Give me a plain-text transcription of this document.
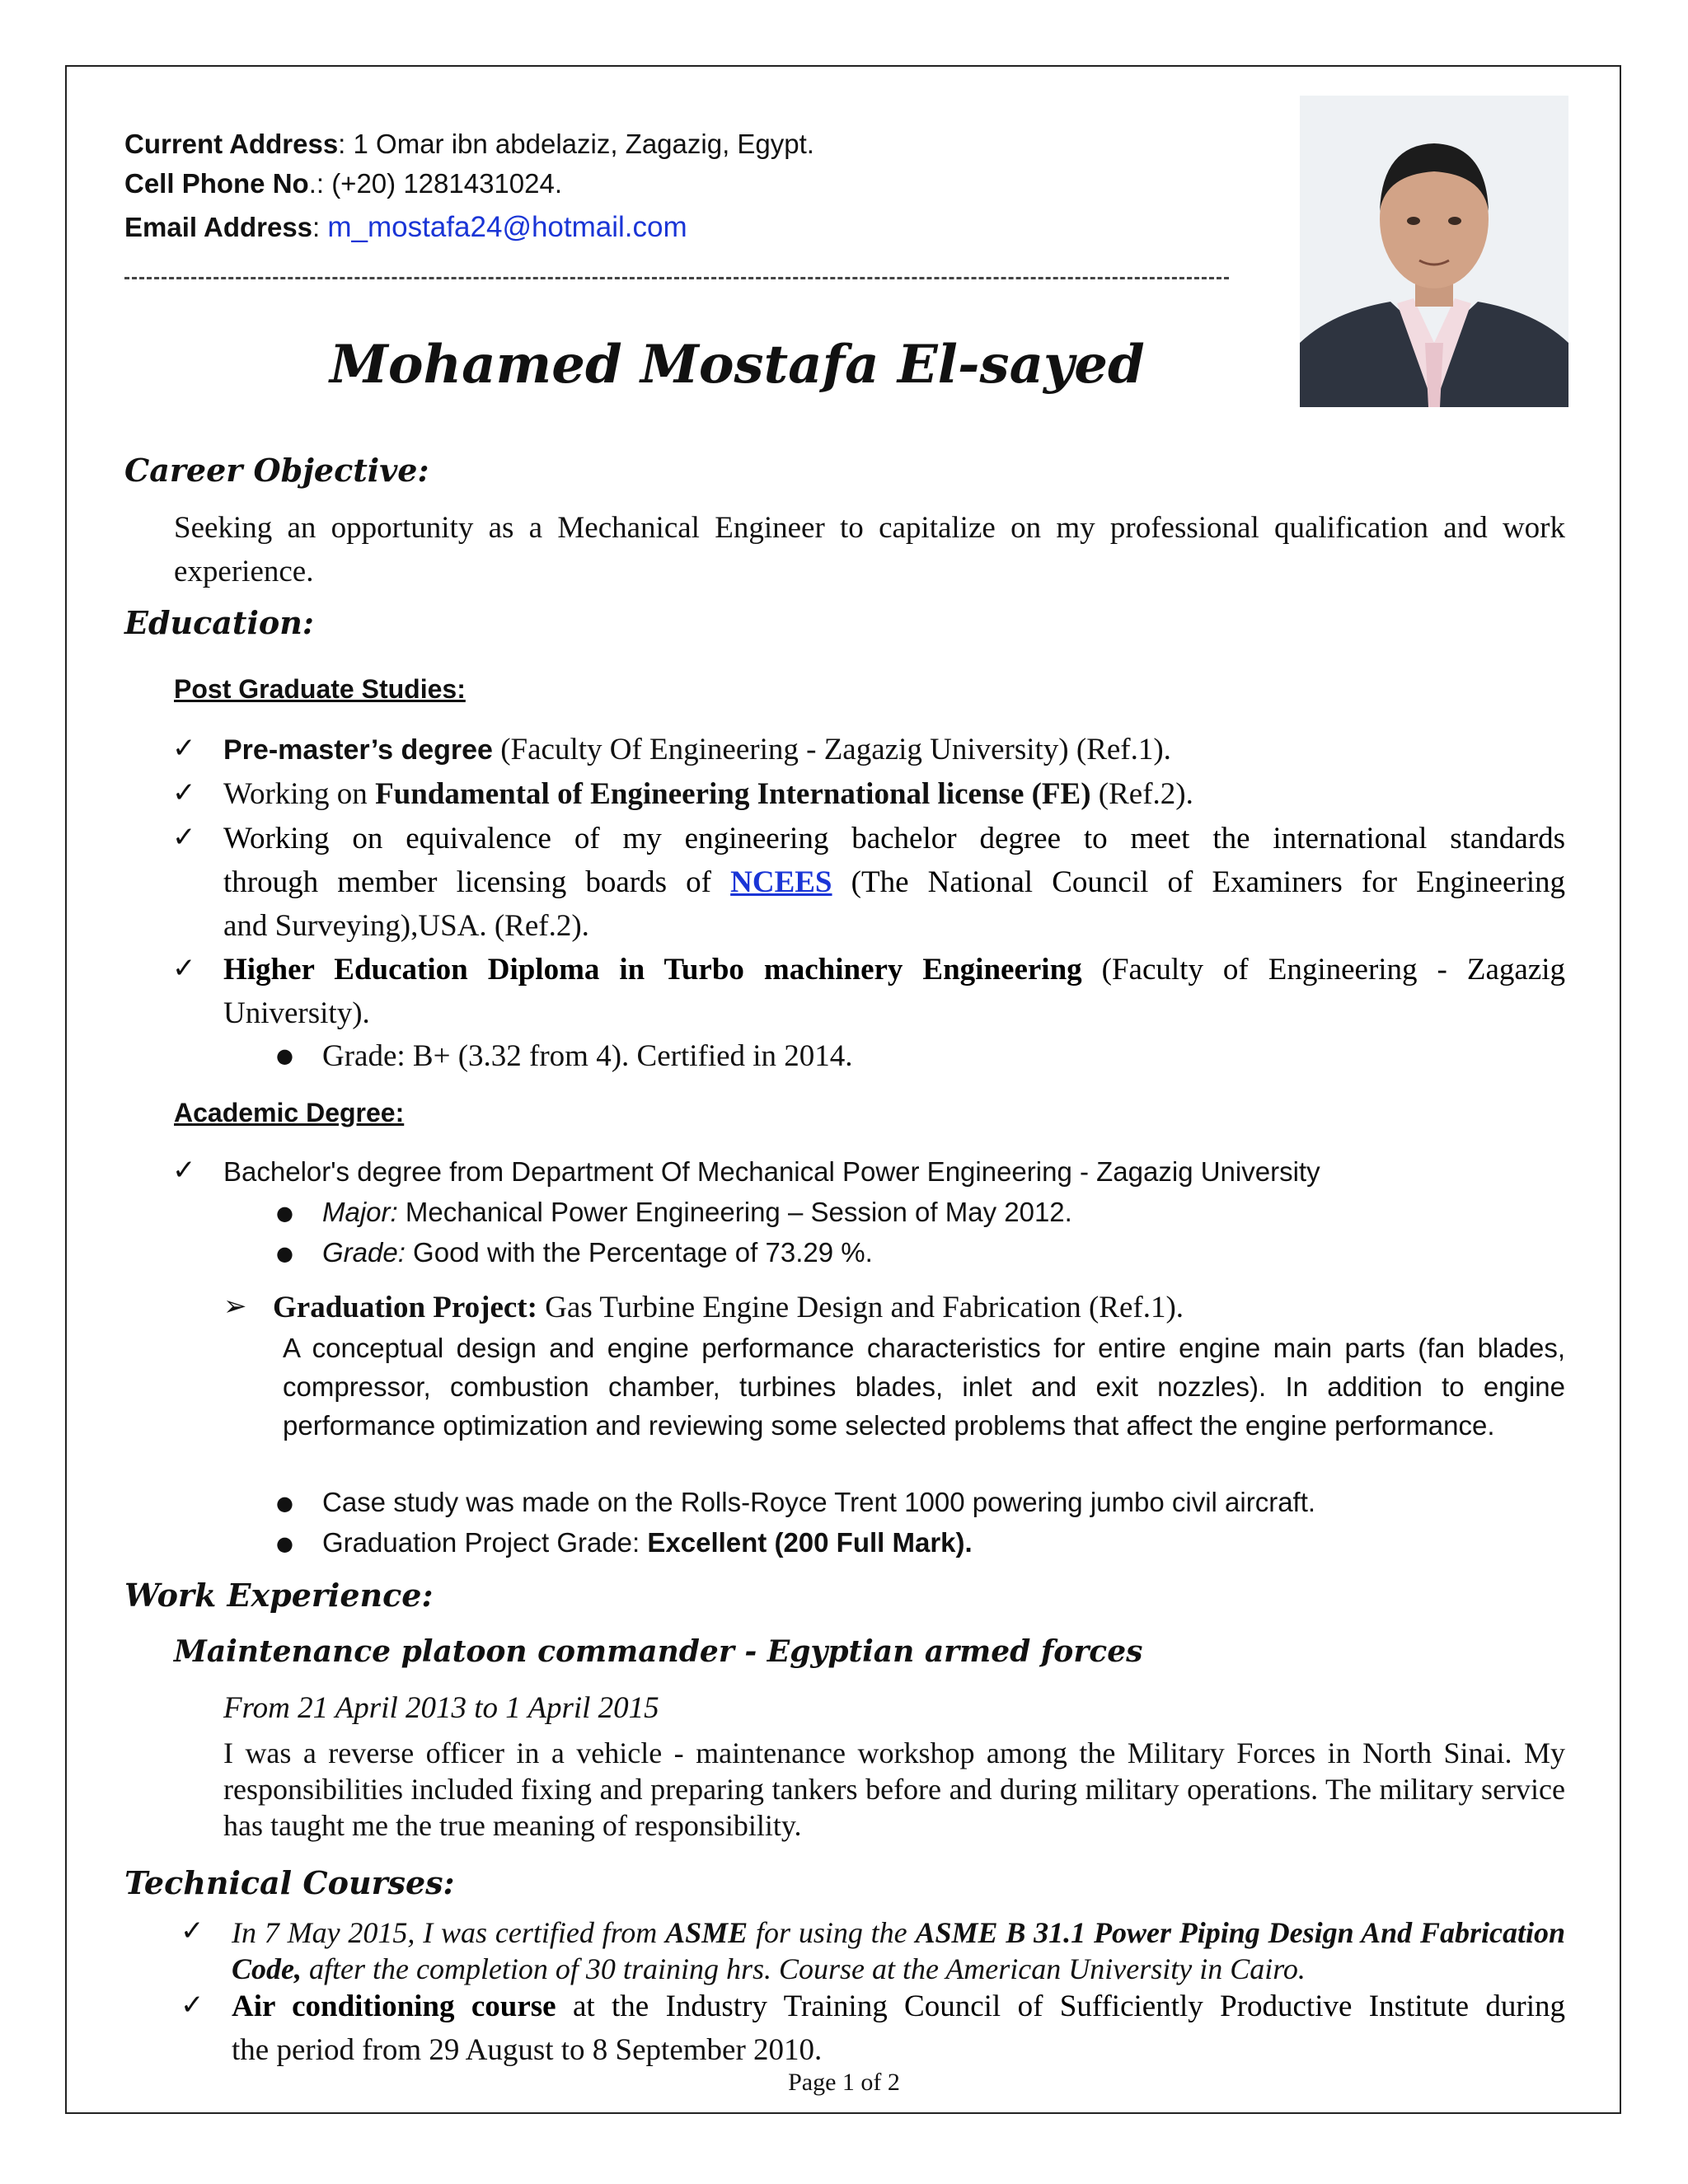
Current Address: 1 Omar ibn abdelaziz, Zagazig, Egypt.
Cell Phone No.: (+20) 1281431024.
Email Address: m_mostafa24@hotmail.com
Mohamed Mostafa El-sayed
Career Objective:
Seeking an opportunity as a Mechanical Engineer to capitalize on my professional qualification and work experience.
Education:
Post Graduate Studies:
✓ Pre-master’s degree (Faculty Of Engineering - Zagazig University) (Ref.1).
✓ Working on Fundamental of Engineering International license (FE) (Ref.2).
✓ Working on equivalence of my engineering bachelor degree to meet the international standards
through member licensing boards of NCEES (The National Council of Examiners for Engineering
and Surveying),USA. (Ref.2).
✓ Higher Education Diploma in Turbo machinery Engineering (Faculty of Engineering - Zagazig
University).
● Grade: B+ (3.32 from 4). Certified in 2014.
Academic Degree:
✓ Bachelor's degree from Department Of Mechanical Power Engineering - Zagazig University
● Major: Mechanical Power Engineering – Session of May 2012.
● Grade: Good with the Percentage of 73.29 %.
➢ Graduation Project: Gas Turbine Engine Design and Fabrication (Ref.1).
A conceptual design and engine performance characteristics for entire engine main parts (fan blades, compressor, combustion chamber, turbines blades, inlet and exit nozzles). In addition to engine performance optimization and reviewing some selected problems that affect the engine performance.
● Case study was made on the Rolls-Royce Trent 1000 powering jumbo civil aircraft.
● Graduation Project Grade: Excellent (200 Full Mark).
Work Experience:
Maintenance platoon commander - Egyptian armed forces
From 21 April 2013 to 1 April 2015
I was a reverse officer in a vehicle - maintenance workshop among the Military Forces in North Sinai. My responsibilities included fixing and preparing tankers before and during military operations. The military service has taught me the true meaning of responsibility.
Technical Courses:
✓ In 7 May 2015, I was certified from ASME for using the ASME B 31.1 Power Piping Design And Fabrication Code, after the completion of 30 training hrs. Course at the American University in Cairo.
✓ Air conditioning course at the Industry Training Council of Sufficiently Productive Institute during
the period from 29 August to 8 September 2010.
Page 1 of 2
